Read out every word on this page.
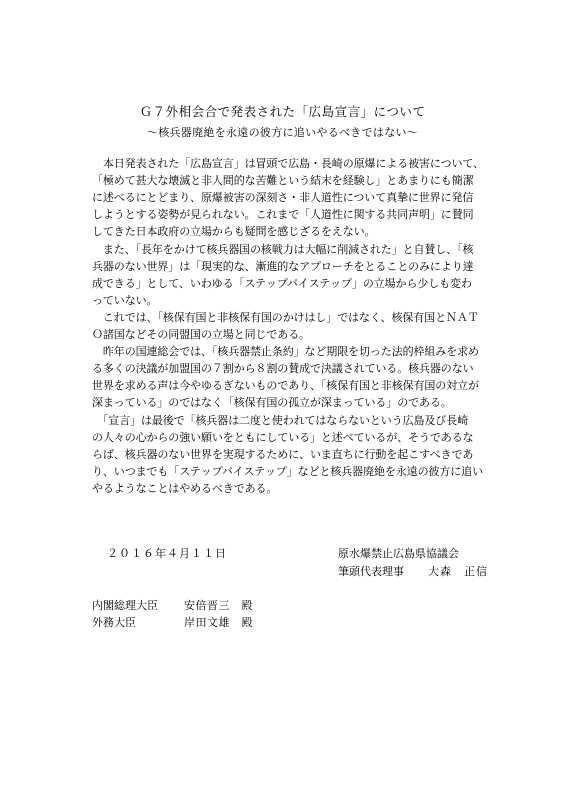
Ｇ７外相会合で発表された「広島宣言」について
～核兵器廃絶を永遠の彼方に追いやるべきではない～
　本日発表された「広島宣言」は冒頭で広島・長崎の原爆による被害について、
「極めて甚大な壊滅と非人間的な苦難という結末を経験し」とあまりにも簡潔
に述べるにとどまり、原爆被害の深刻さ・非人道性について真摯に世界に発信
しようとする姿勢が見られない。これまで「人道性に関する共同声明」に賛同
してきた日本政府の立場からも疑問を感じざるをえない。
　また、「長年をかけて核兵器国の核戦力は大幅に削減された」と自賛し、「核
兵器のない世界」は「現実的な、漸進的なアプローチをとることのみにより達
成できる」として、いわゆる「ステップバイステップ」の立場から少しも変わ
っていない。
　これでは、「核保有国と非核保有国のかけはし」ではなく、核保有国とＮＡＴ
Ｏ諸国などその同盟国の立場と同じである。
　昨年の国連総会では、「核兵器禁止条約」など期限を切った法的枠組みを求め
る多くの決議が加盟国の７割から８割の賛成で決議されている。核兵器のない
世界を求める声は今やゆるぎないものであり、「核保有国と非核保有国の対立が
深まっている」のではなく「核保有国の孤立が深まっている」のである。
　「宣言」は最後で「核兵器は二度と使われてはならないという広島及び長崎
の人々の心からの強い願いをともにしている」と述べているが、そうであるな
らば、核兵器のない世界を実現するために、いま直ちに行動を起こすべきであ
り、いつまでも「ステップバイステップ」などと核兵器廃絶を永遠の彼方に追い
やるようなことはやめるべきである。
２０１６年４月１１日	原水爆禁止広島県協議会
筆頭代表理事 大森　正信
内閣総理大臣 安倍晋三　殿
外務大臣	岸田文雄　殿
